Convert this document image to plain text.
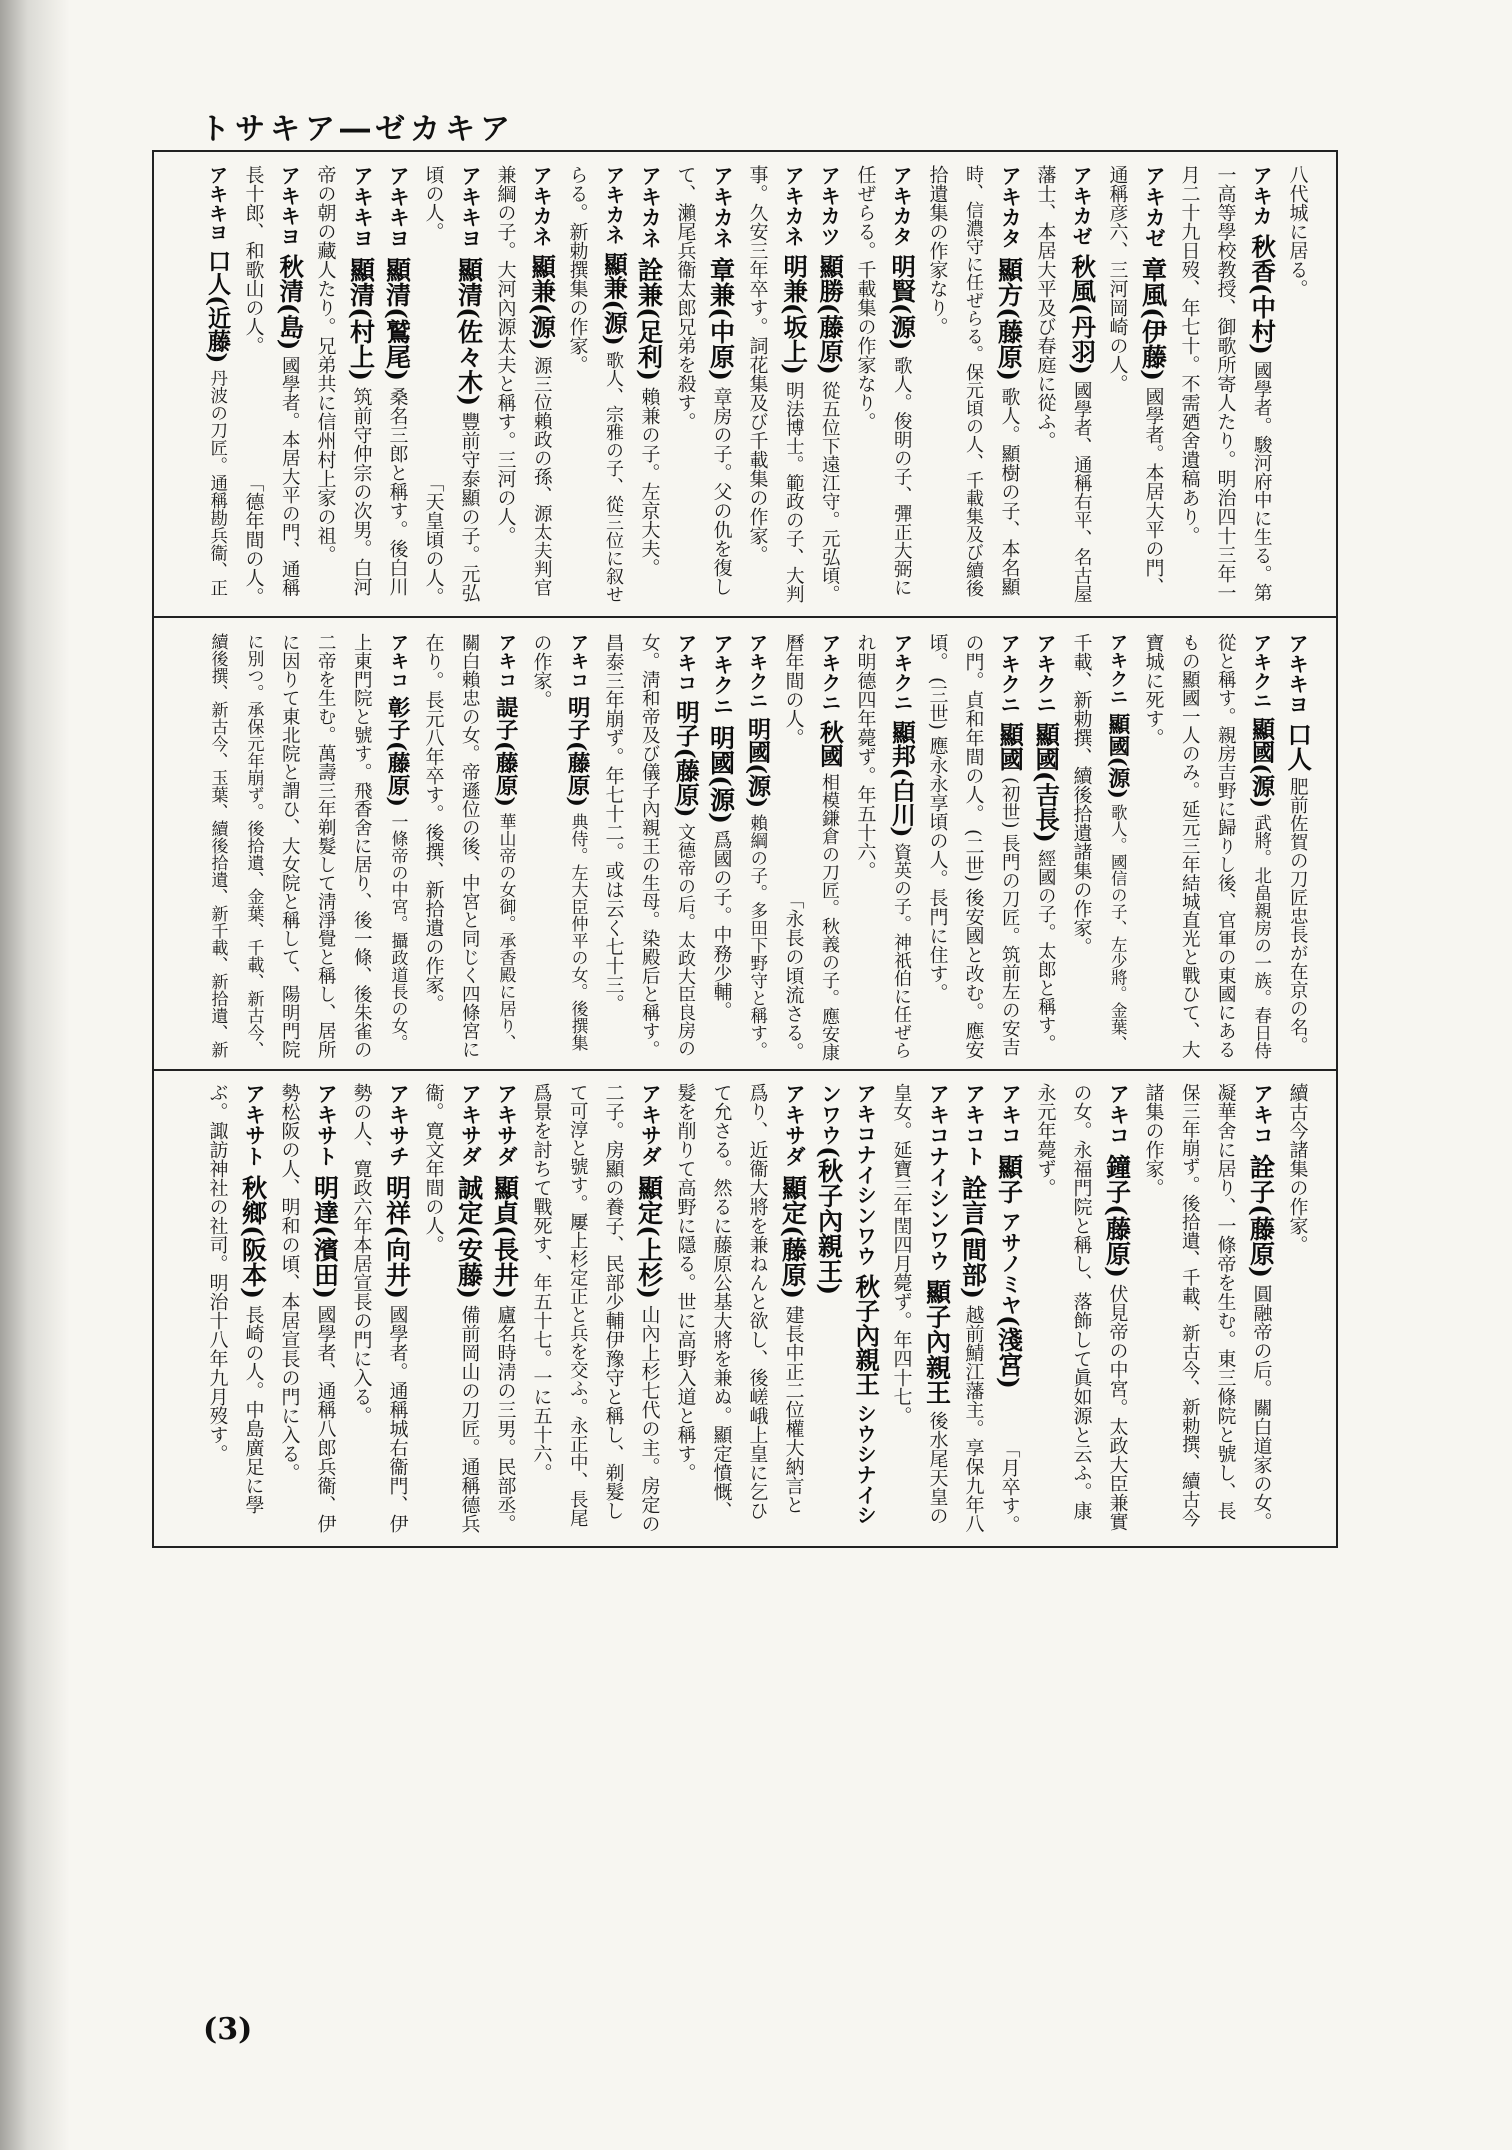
アキカゼ―アキサト
八代城に居る。
アキカ
秋香(中村)
國學者。駿河府中に生る。第
一高等學校教授、御歌所寄人たり。明治四十三年一
月二十九日歿、年七十。不需廼舍遺稿あり。
アキカゼ
章風(伊藤)
國學者。本居大平の門、
通稱彦六、三河岡崎の人。
アキカゼ
秋風(丹羽)
國學者、通稱右平、名古屋
藩士、本居大平及び春庭に從ふ。
アキカタ
顯方(藤原)
歌人。顯樹の子、本名顯
時、信濃守に任ぜらる。保元頃の人、千載集及び續後
拾遺集の作家なり。
アキカタ
明賢(源)
歌人。俊明の子、彈正大弼に
任ぜらる。千載集の作家なり。
アキカツ
顯勝(藤原)
從五位下遠江守。元弘頃。
アキカネ
明兼(坂上)
明法博士。範政の子、大判
事。久安三年卒す。詞花集及び千載集の作家。
アキカネ
章兼(中原)
章房の子。父の仇を復し
て、瀨尾兵衞太郎兄弟を殺す。
アキカネ
詮兼(足利)
賴兼の子。左京大夫。
アキカネ
顯兼(源)
歌人、宗雅の子、從三位に叙せ
らる。新勅撰集の作家。
アキカネ
顯兼(源)
源三位賴政の孫、源太夫判官
兼綱の子。大河內源太夫と稱す。三河の人。
アキキヨ
顯清(佐々木)
豐前守泰顯の子。元弘
頃の人。
「天皇頃の人。
アキキヨ
顯清(鷲尾)
桑名三郎と稱す。後白川
アキキヨ
顯清(村上)
筑前守仲宗の次男。白河
帝の朝の藏人たり。兄弟共に信州村上家の祖。
アキキヨ
秋清(島)
國學者。本居大平の門、通稱
長十郎、和歌山の人。
「德年間の人。
アキキヨ
口人(近藤)
丹波の刀匠。通稱勘兵衞、正
アキキヨ
口人
肥前佐賀の刀匠忠長が在京の名。
アキクニ
顯國(源)
武將。北畠親房の一族。春日侍
從と稱す。親房吉野に歸りし後、官軍の東國にある
もの顯國一人のみ。延元三年結城直光と戰ひて、大
寶城に死す。
アキクニ
顯國(源)
歌人。國信の子、左少將。金葉、
千載、新勅撰、續後拾遺諸集の作家。
アキクニ
顯國(吉長)
經國の子。太郎と稱す。
アキクニ
顯國
(初世) 長門の刀匠。筑前左の安吉
の門。貞和年間の人。 (二世) 後安國と改む。應安
頃。 (三世) 應永永享頃の人。長門に住す。
アキクニ
顯邦(白川)
資英の子。神祇伯に任ぜら
れ明德四年薨ず。年五十六。
アキクニ
秋國
相模鎌倉の刀匠。秋義の子。應安康
曆年間の人。
「永長の頃流さる。
アキクニ
明國(源)
賴綱の子。多田下野守と稱す。
アキクニ
明國(源)
爲國の子。中務少輔。
アキコ
明子(藤原)
文德帝の后。太政大臣良房の
女。淸和帝及び儀子內親王の生母。染殿后と稱す。
昌泰三年崩ず。年七十二。或は云く七十三。
アキコ
明子(藤原)
典侍。左大臣仲平の女。後撰集
の作家。
アキコ
諟子(藤原)
華山帝の女御。承香殿に居り、
關白賴忠の女。帝遜位の後、中宮と同じく四條宮に
在り。長元八年卒す。後撰、新拾遺の作家。
アキコ
彰子(藤原)
一條帝の中宮。攝政道長の女。
上東門院と號す。飛香舍に居り、後一條、後朱雀の
二帝を生む。萬壽三年剃髮して淸淨覺と稱し、居所
に因りて東北院と謂ひ、大女院と稱して、陽明門院
に別つ。承保元年崩ず。後拾遺、金葉、千載、新古今、
續後撰、新古今、玉葉、續後拾遺、新千載、新拾遺、新
續古今諸集の作家。
アキコ
詮子(藤原)
圓融帝の后。關白道家の女。
凝華舍に居り、一條帝を生む。東三條院と號し、長
保三年崩ず。後拾遺、千載、新古今、新勅撰、續古今
諸集の作家。
アキコ
鐘子(藤原)
伏見帝の中宮。太政大臣兼實
の女。永福門院と稱し、落飾して眞如源と云ふ。康
永元年薨ず。
アキコ
顯子
アサノミヤ
(淺宮)
「月卒す。
アキコト
詮言(間部)
越前鯖江藩主。享保九年八
アキコナイシンワウ
顯子內親王
後水尾天皇の
皇女。延寶三年閏四月薨ず。年四十七。
アキコナイシンワウ
秋子內親王
シウシナイシ
ンワウ
(秋子內親王)
アキサダ
顯定(藤原)
建長中正二位權大納言と
爲り、近衞大將を兼ねんと欲し、後嵯峨上皇に乞ひ
て允さる。然るに藤原公基大將を兼ぬ。顯定憤慨、
髮を削りて高野に隱る。世に高野入道と稱す。
アキサダ
顯定(上杉)
山內上杉七代の主。房定の
二子。房顯の養子、民部少輔伊豫守と稱し、剃髮し
て可淳と號す。屢上杉定正と兵を交ふ。永正中、長尾
爲景を討ちて戰死す、年五十七。一に五十六。
アキサダ
顯貞(長井)
廬名時淸の三男。民部丞。
アキサダ
誠定(安藤)
備前岡山の刀匠。通稱德兵
衞。寛文年間の人。
アキサチ
明祥(向井)
國學者。通稱城右衞門、伊
勢の人、寛政六年本居宣長の門に入る。
アキサト
明達(濱田)
國學者、通稱八郎兵衞、伊
勢松阪の人、明和の頃、本居宣長の門に入る。
アキサト
秋鄉(阪本)
長崎の人。中島廣足に學
ぶ。諏訪神社の社司。明治十八年九月歿す。
(3)
